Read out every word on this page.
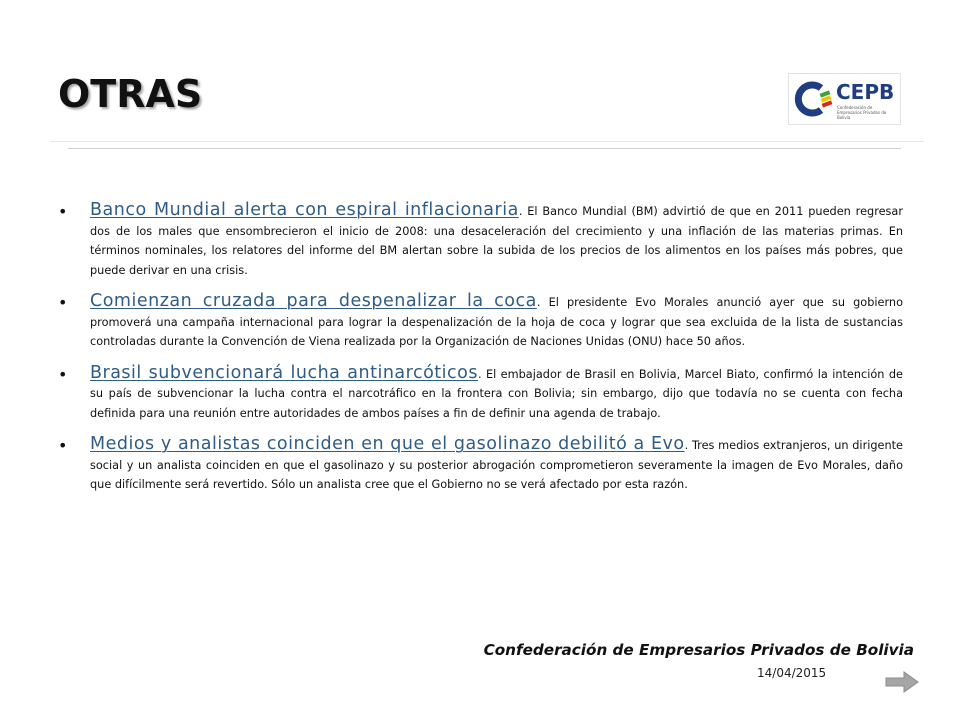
OTRAS	CEPB
Confederación de Empresarios Privados de Bolivia
• Banco Mundial alerta con espiral inflacionaria. El Banco Mundial (BM) advirtió de que en 2011 pueden regresar dos de los males que ensombrecieron el inicio de 2008: una desaceleración del crecimiento y una inflación de las materias primas. En términos nominales, los relatores del informe del BM alertan sobre la subida de los precios de los alimentos en los países más pobres, que puede derivar en una crisis.
• Comienzan cruzada para despenalizar la coca. El presidente Evo Morales anunció ayer que su gobierno promoverá una campaña internacional para lograr la despenalización de la hoja de coca y lograr que sea excluida de la lista de sustancias controladas durante la Convención de Viena realizada por la Organización de Naciones Unidas (ONU) hace 50 años.
• Brasil subvencionará lucha antinarcóticos. El embajador de Brasil en Bolivia, Marcel Biato, confirmó la intención de su país de subvencionar la lucha contra el narcotráfico en la frontera con Bolivia; sin embargo, dijo que todavía no se cuenta con fecha definida para una reunión entre autoridades de ambos países a fin de definir una agenda de trabajo.
• Medios y analistas coinciden en que el gasolinazo debilitó a Evo. Tres medios extranjeros, un dirigente social y un analista coinciden en que el gasolinazo y su posterior abrogación comprometieron severamente la imagen de Evo Morales, daño que difícilmente será revertido. Sólo un analista cree que el Gobierno no se verá afectado por esta razón.
Confederación de Empresarios Privados de Bolivia
14/04/2015
